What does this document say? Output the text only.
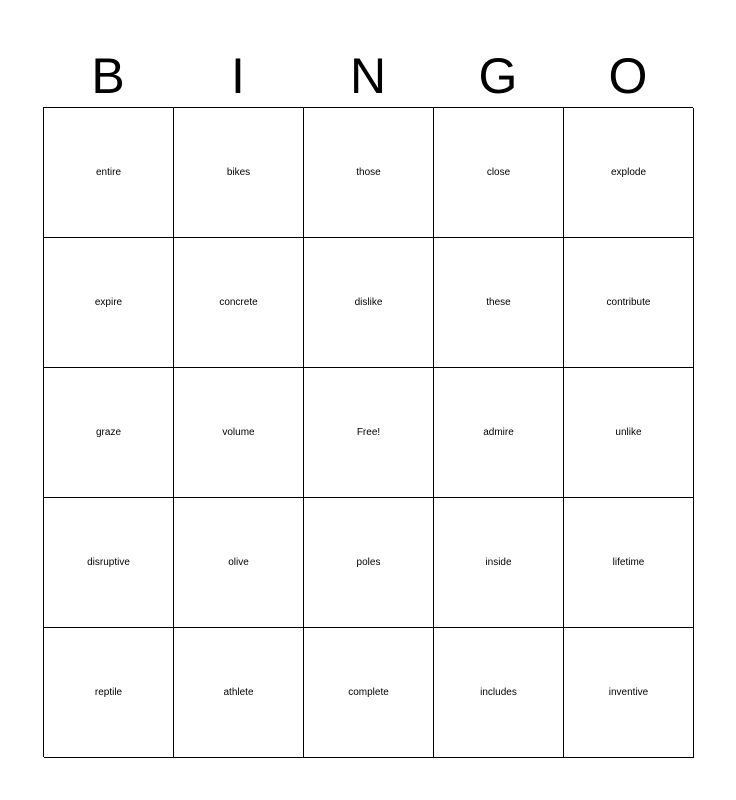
B	I	N	G	O
entire	bikes	those	close	explode
expire	concrete	dislike	these	contribute
graze	volume	Free!	admire	unlike
disruptive	olive	poles	inside	lifetime
reptile	athlete	complete	includes	inventive
